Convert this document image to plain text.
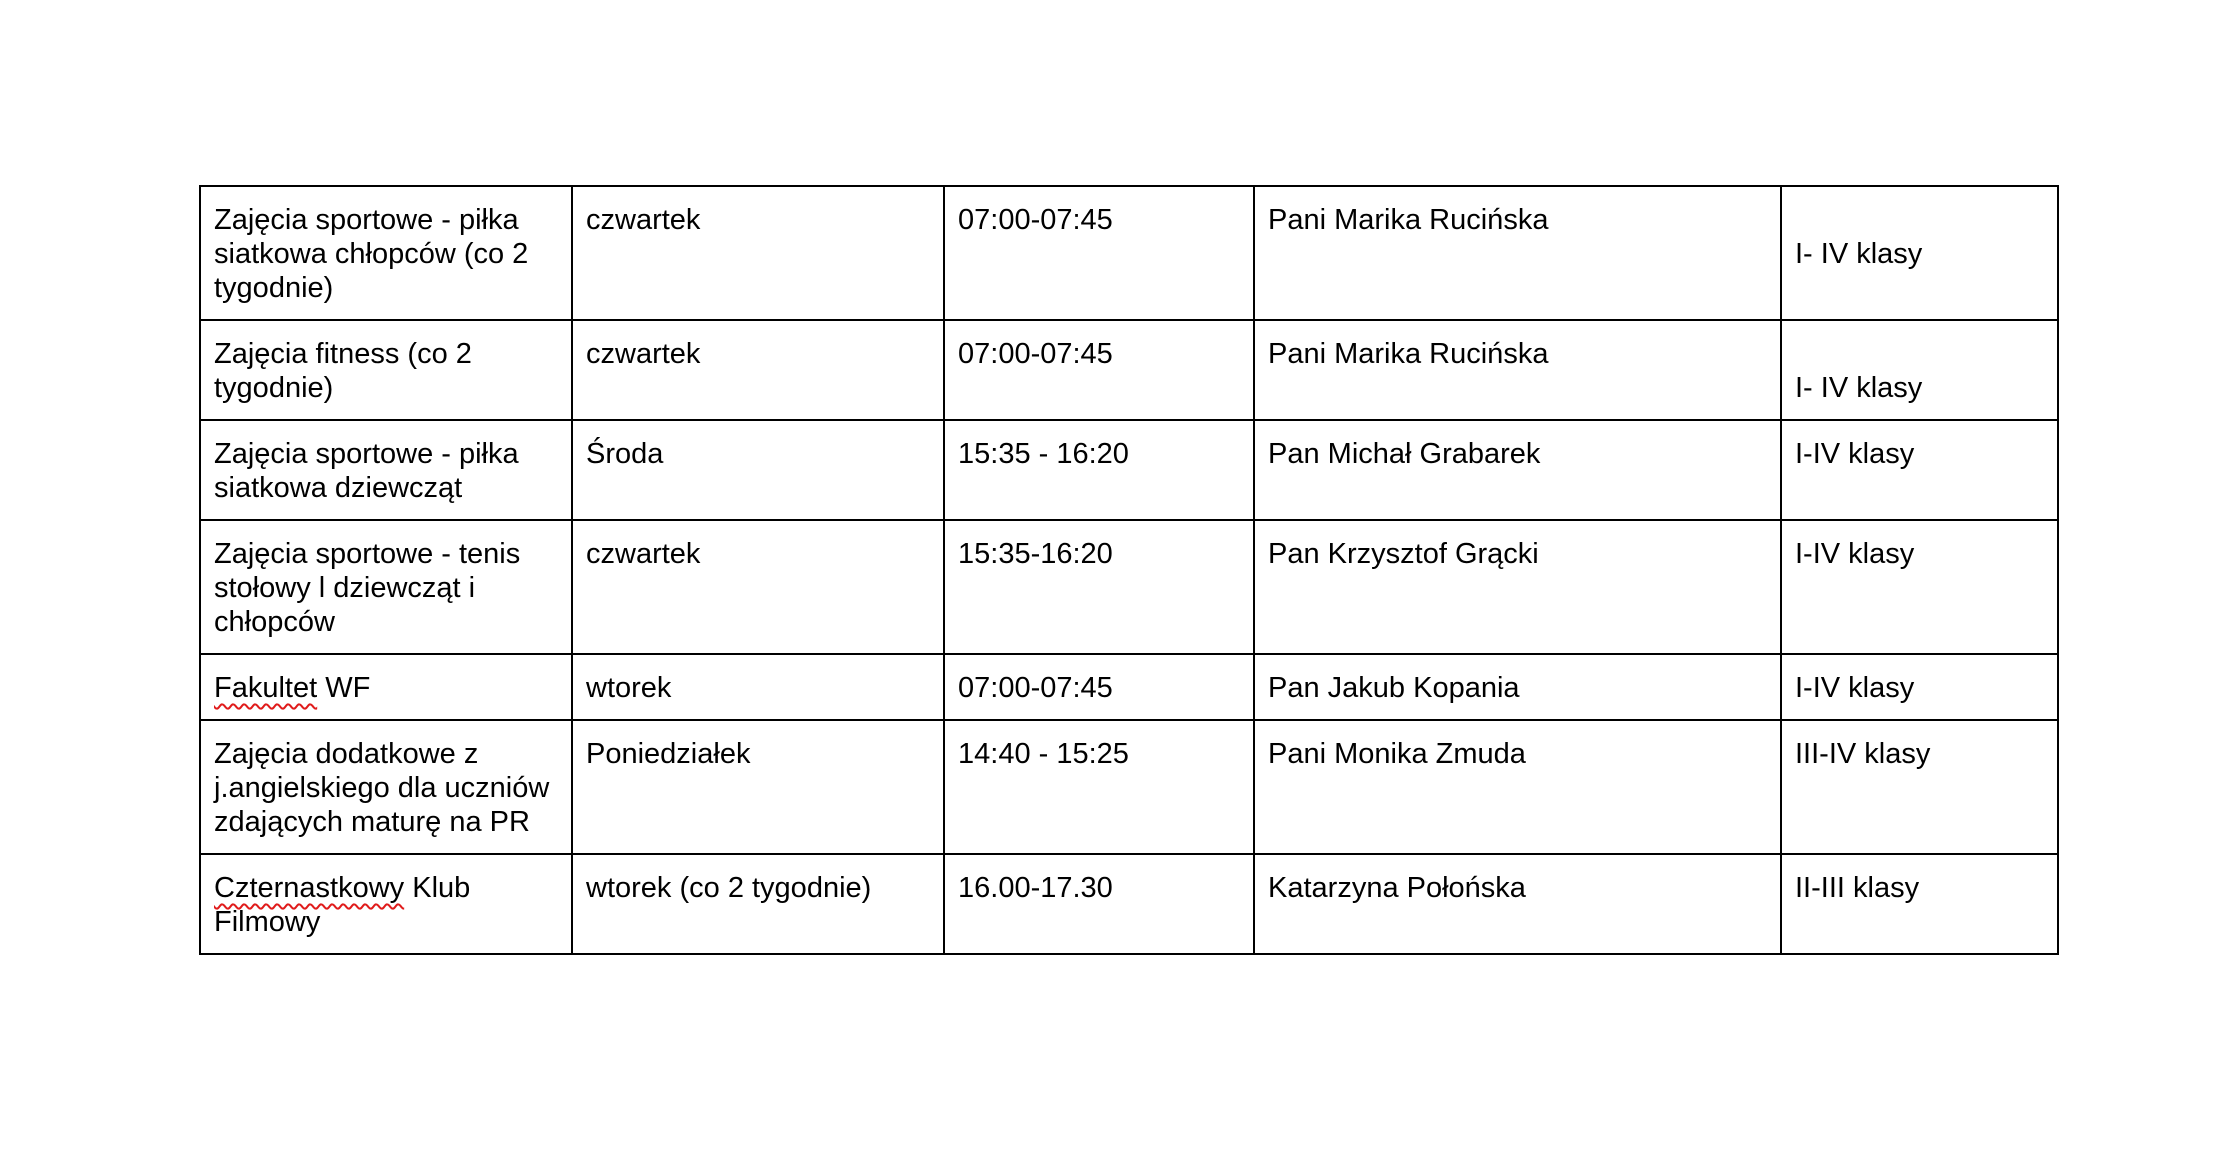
Zajęcia sportowe - piłka siatkowa chłopców (co 2 tygodnie)	czwartek	07:00-07:45	Pani Marika Rucińska	I- IV klasy
Zajęcia fitness (co 2 tygodnie)	czwartek	07:00-07:45	Pani Marika Rucińska	I- IV klasy
Zajęcia sportowe - piłka siatkowa dziewcząt	Środa	15:35 - 16:20	Pan Michał Grabarek	I-IV klasy
Zajęcia sportowe - tenis stołowy l dziewcząt i chłopców	czwartek	15:35-16:20	Pan Krzysztof Grącki	I-IV klasy
Fakultet WF	wtorek	07:00-07:45	Pan Jakub Kopania	I-IV klasy
Zajęcia dodatkowe z j.angielskiego dla uczniów zdających maturę na PR	Poniedziałek	14:40 - 15:25	Pani Monika Zmuda	III-IV klasy
Czternastkowy Klub Filmowy	wtorek (co 2 tygodnie)	16.00-17.30	Katarzyna Połońska	II-III klasy
